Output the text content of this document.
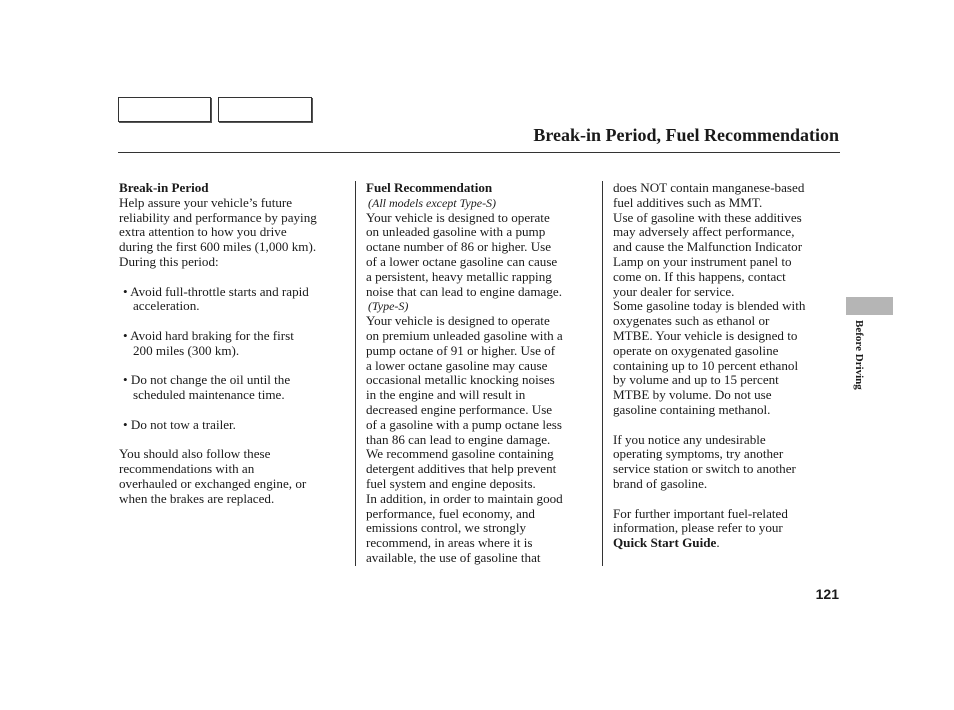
Break-in Period, Fuel Recommendation

Break-in Period

Help assure your vehicle’s future

reliability and performance by paying

extra attention to how you drive

during the first 600 miles (1,000 km).

During this period:

• Avoid full-throttle starts and rapid

acceleration.

• Avoid hard braking for the first

200 miles (300 km).

• Do not change the oil until the

scheduled maintenance time.

• Do not tow a trailer.

You should also follow these

recommendations with an

overhauled or exchanged engine, or

when the brakes are replaced.

Fuel Recommendation

(All models except Type-S)

Your vehicle is designed to operate

on unleaded gasoline with a pump

octane number of 86 or higher. Use

of a lower octane gasoline can cause

a persistent, heavy metallic rapping

noise that can lead to engine damage.

(Type-S)

Your vehicle is designed to operate

on premium unleaded gasoline with a

pump octane of 91 or higher. Use of

a lower octane gasoline may cause

occasional metallic knocking noises

in the engine and will result in

decreased engine performance. Use

of a gasoline with a pump octane less

than 86 can lead to engine damage.

We recommend gasoline containing

detergent additives that help prevent

fuel system and engine deposits.

In addition, in order to maintain good

performance, fuel economy, and

emissions control, we strongly

recommend, in areas where it is

available, the use of gasoline that

does NOT contain manganese-based

fuel additives such as MMT.

Use of gasoline with these additives

may adversely affect performance,

and cause the Malfunction Indicator

Lamp on your instrument panel to

come on. If this happens, contact

your dealer for service.

Some gasoline today is blended with

oxygenates such as ethanol or

MTBE. Your vehicle is designed to

operate on oxygenated gasoline

containing up to 10 percent ethanol

by volume and up to 15 percent

MTBE by volume. Do not use

gasoline containing methanol.

If you notice any undesirable

operating symptoms, try another

service station or switch to another

brand of gasoline.

For further important fuel-related

information, please refer to your

Quick Start Guide.

Before Driving
121
